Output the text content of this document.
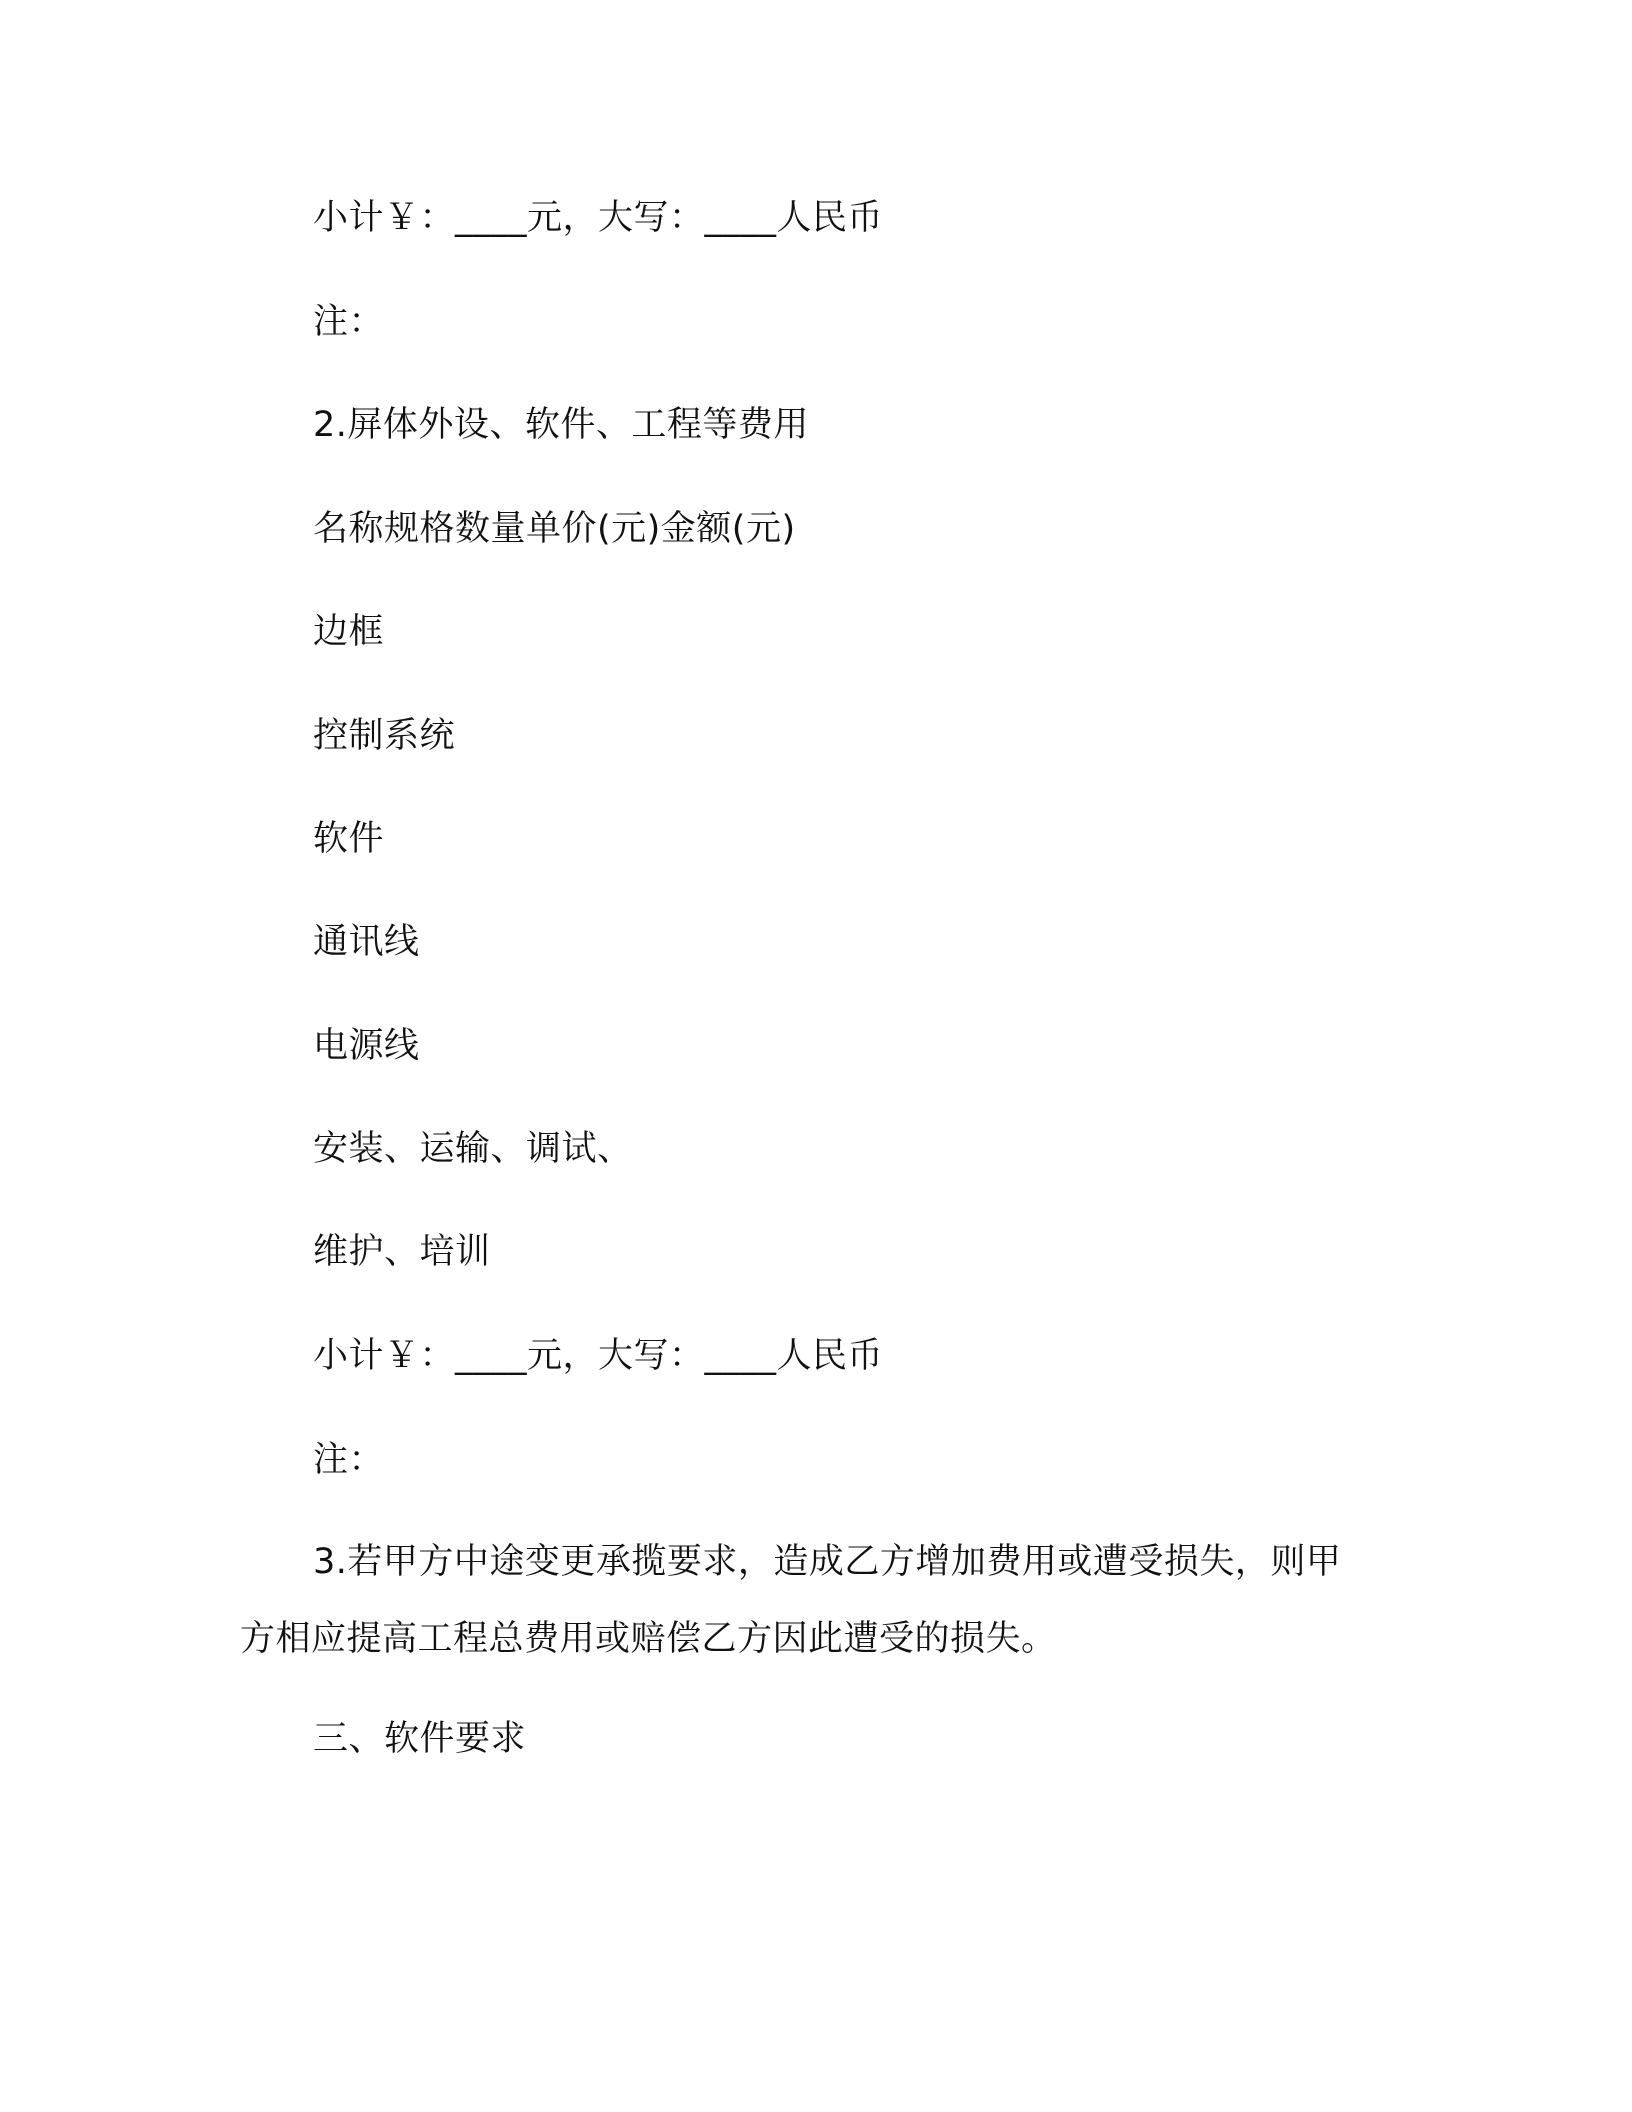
小计￥：____元，大写：____人民币
注：
2.屏体外设、软件、工程等费用
名称规格数量单价(元)金额(元)
边框
控制系统
软件
通讯线
电源线
安装、运输、调试、
维护、培训
小计￥：____元，大写：____人民币
注：
3.若甲方中途变更承揽要求，造成乙方增加费用或遭受损失，则甲方相应提高工程总费用或赔偿乙方因此遭受的损失。
三、软件要求
